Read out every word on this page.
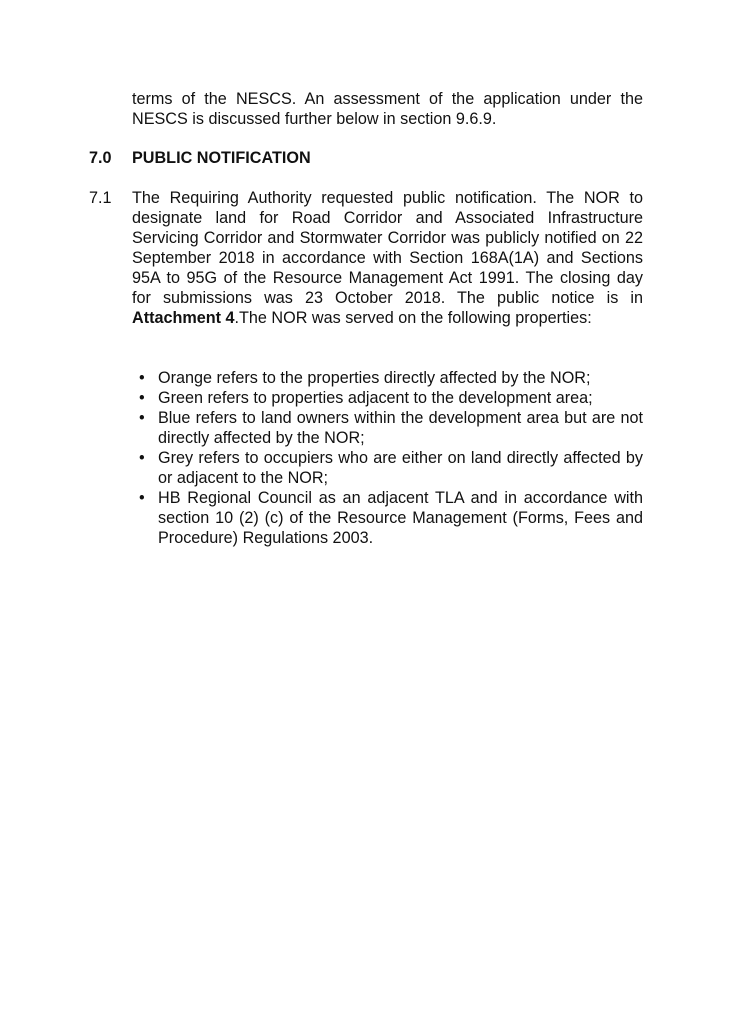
terms of the NESCS. An assessment of the application under the NESCS is discussed further below in section 9.6.9.

7.0 PUBLIC NOTIFICATION
7.1 The Requiring Authority requested public notification. The NOR to designate land for Road Corridor and Associated Infrastructure Servicing Corridor and Stormwater Corridor was publicly notified on 22 September 2018 in accordance with Section 168A(1A) and Sections 95A to 95G of the Resource Management Act 1991. The closing day for submissions was 23 October 2018. The public notice is in Attachment 4.The NOR was served on the following properties:

• Orange refers to the properties directly affected by the NOR;
• Green refers to properties adjacent to the development area;
• Blue refers to land owners within the development area but are not directly affected by the NOR;
• Grey refers to occupiers who are either on land directly affected by or adjacent to the NOR;
• HB Regional Council as an adjacent TLA and in accordance with section 10 (2) (c) of the Resource Management (Forms, Fees and Procedure) Regulations 2003.
